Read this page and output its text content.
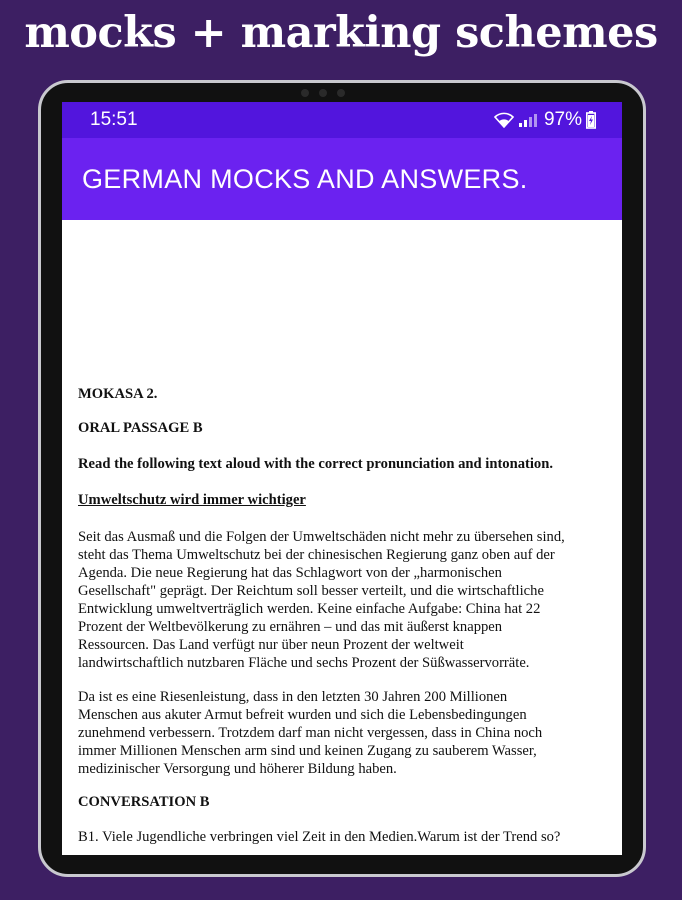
mocks + marking schemes
15:51	97%
GERMAN MOCKS AND ANSWERS.

MOKASA 2.

ORAL PASSAGE B

Read the following text aloud with the correct pronunciation and intonation.

Umweltschutz wird immer wichtiger

Seit das Ausmaß und die Folgen der Umweltschäden nicht mehr zu übersehen sind,
steht das Thema Umweltschutz bei der chinesischen Regierung ganz oben auf der
Agenda. Die neue Regierung hat das Schlagwort von der „harmonischen
Gesellschaft" geprägt. Der Reichtum soll besser verteilt, und die wirtschaftliche
Entwicklung umweltverträglich werden. Keine einfache Aufgabe: China hat 22
Prozent der Weltbevölkerung zu ernähren – und das mit äußerst knappen
Ressourcen. Das Land verfügt nur über neun Prozent der weltweit
landwirtschaftlich nutzbaren Fläche und sechs Prozent der Süßwasservorräte.

Da ist es eine Riesenleistung, dass in den letzten 30 Jahren 200 Millionen
Menschen aus akuter Armut befreit wurden und sich die Lebensbedingungen
zunehmend verbessern. Trotzdem darf man nicht vergessen, dass in China noch
immer Millionen Menschen arm sind und keinen Zugang zu sauberem Wasser,
medizinischer Versorgung und höherer Bildung haben.

CONVERSATION B

B1. Viele Jugendliche verbringen viel Zeit in den Medien.Warum ist der Trend so?
